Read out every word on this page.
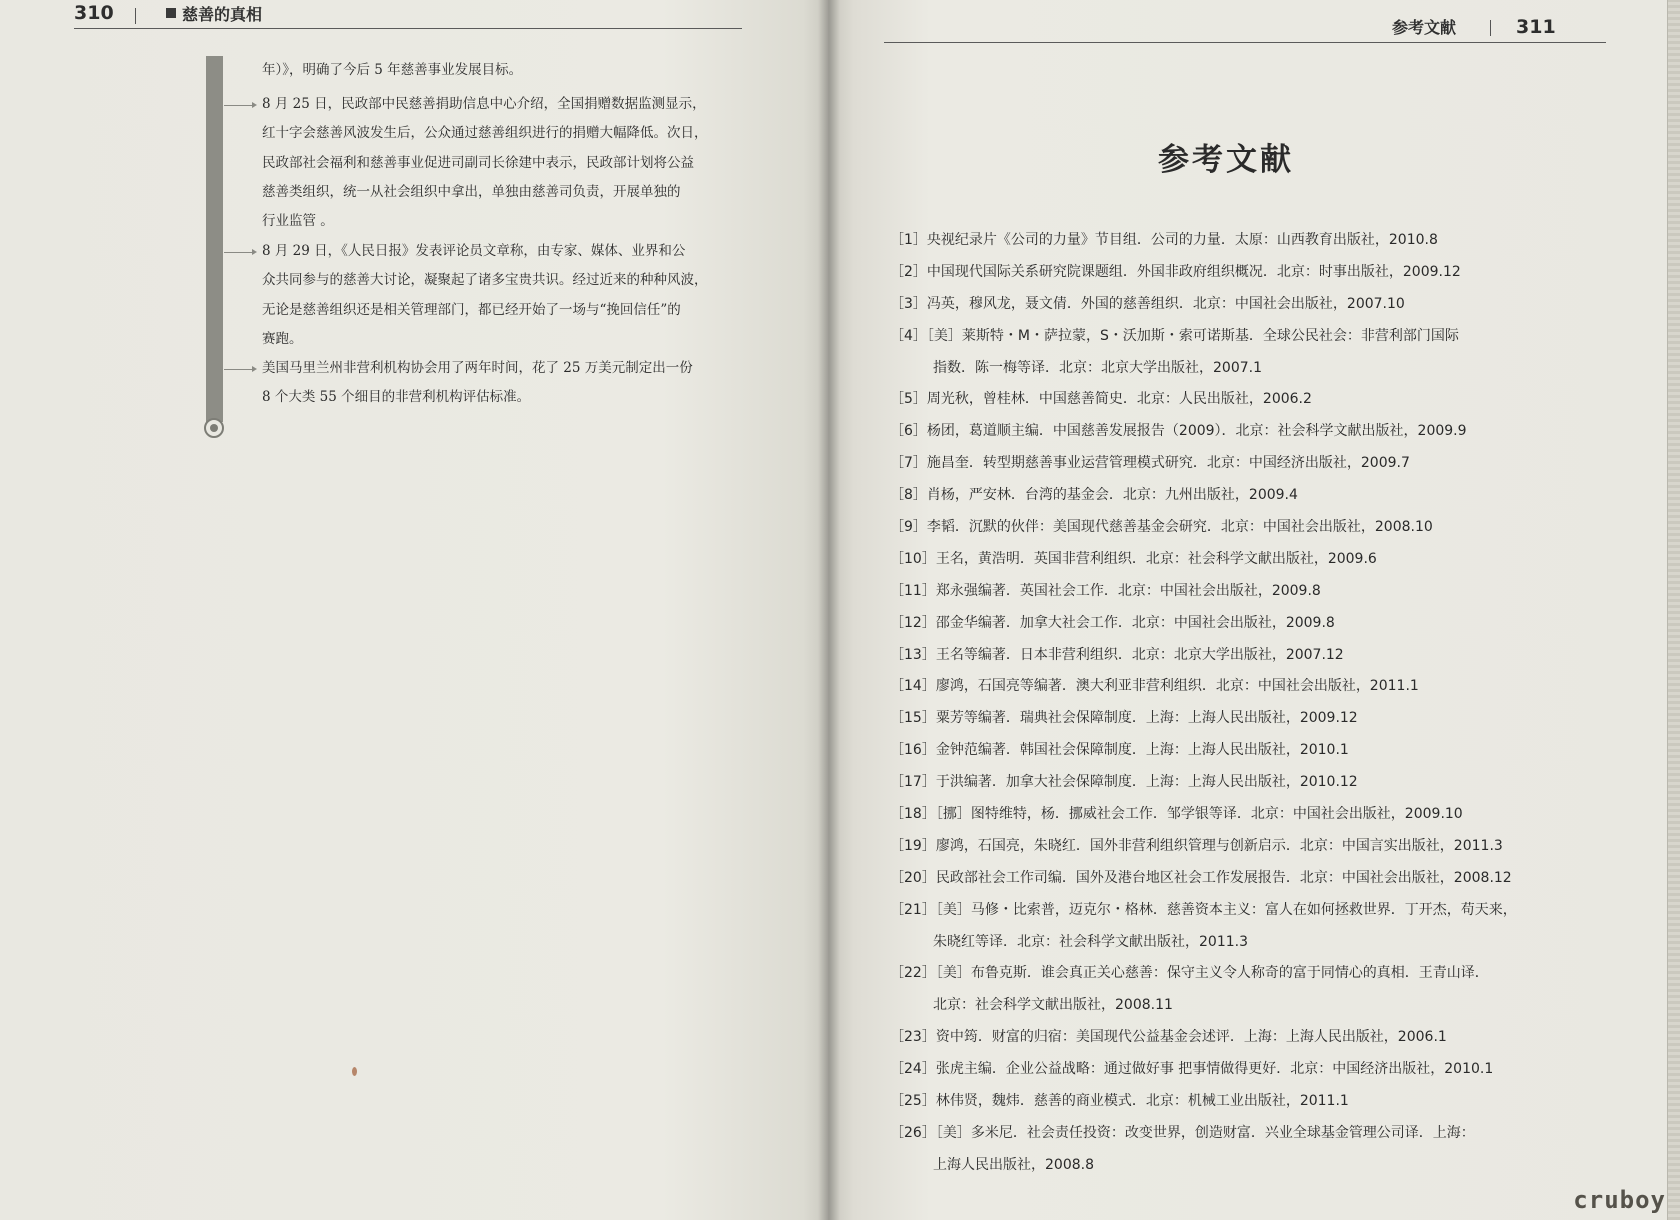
310	慈善的真相
年）》，明确了今后 5 年慈善事业发展目标。
8 月 25 日，民政部中民慈善捐助信息中心介绍，全国捐赠数据监测显示，
红十字会慈善风波发生后，公众通过慈善组织进行的捐赠大幅降低。次日，
民政部社会福利和慈善事业促进司副司长徐建中表示，民政部计划将公益
慈善类组织，统一从社会组织中拿出，单独由慈善司负责，开展单独的
行业监管 。
8 月 29 日，《人民日报》发表评论员文章称，由专家、媒体、业界和公
众共同参与的慈善大讨论，凝聚起了诸多宝贵共识。经过近来的种种风波，
无论是慈善组织还是相关管理部门，都已经开始了一场与“挽回信任”的
赛跑。
美国马里兰州非营利机构协会用了两年时间，花了 25 万美元制定出一份
8 个大类 55 个细目的非营利机构评估标准。
参考文献	311
参考文献
［1］央视纪录片《公司的力量》节目组．公司的力量．太原：山西教育出版社，2010.8
［2］中国现代国际关系研究院课题组．外国非政府组织概况．北京：时事出版社，2009.12
［3］冯英，穆风龙，聂文倩．外国的慈善组织．北京：中国社会出版社，2007.10
［4］［美］莱斯特・M・萨拉蒙，S・沃加斯・索可诺斯基．全球公民社会：非营利部门国际
指数．陈一梅等译．北京：北京大学出版社，2007.1
［5］周光秋，曾桂林．中国慈善简史．北京：人民出版社，2006.2
［6］杨团，葛道顺主编．中国慈善发展报告（2009）．北京：社会科学文献出版社，2009.9
［7］施昌奎．转型期慈善事业运营管理模式研究．北京：中国经济出版社，2009.7
［8］肖杨，严安林．台湾的基金会．北京：九州出版社，2009.4
［9］李韬．沉默的伙伴：美国现代慈善基金会研究．北京：中国社会出版社，2008.10
［10］王名，黄浩明．英国非营利组织．北京：社会科学文献出版社，2009.6
［11］郑永强编著．英国社会工作．北京：中国社会出版社，2009.8
［12］邵金华编著．加拿大社会工作．北京：中国社会出版社，2009.8
［13］王名等编著．日本非营利组织．北京：北京大学出版社，2007.12
［14］廖鸿，石国亮等编著．澳大利亚非营利组织．北京：中国社会出版社，2011.1
［15］粟芳等编著．瑞典社会保障制度．上海：上海人民出版社，2009.12
［16］金钟范编著．韩国社会保障制度．上海：上海人民出版社，2010.1
［17］于洪编著．加拿大社会保障制度．上海：上海人民出版社，2010.12
［18］［挪］图特维特，杨．挪威社会工作．邹学银等译．北京：中国社会出版社，2009.10
［19］廖鸿，石国亮，朱晓红．国外非营利组织管理与创新启示．北京：中国言实出版社，2011.3
［20］民政部社会工作司编．国外及港台地区社会工作发展报告．北京：中国社会出版社，2008.12
［21］［美］马修・比索普，迈克尔・格林．慈善资本主义：富人在如何拯救世界．丁开杰，苟天来，
朱晓红等译．北京：社会科学文献出版社，2011.3
［22］［美］布鲁克斯．谁会真正关心慈善：保守主义令人称奇的富于同情心的真相．王青山译．
北京：社会科学文献出版社，2008.11
［23］资中筠．财富的归宿：美国现代公益基金会述评．上海：上海人民出版社，2006.1
［24］张虎主编．企业公益战略：通过做好事 把事情做得更好．北京：中国经济出版社，2010.1
［25］林伟贤，魏炜．慈善的商业模式．北京：机械工业出版社，2011.1
［26］［美］多米尼．社会责任投资：改变世界，创造财富．兴业全球基金管理公司译．上海：
上海人民出版社，2008.8
cruboy
